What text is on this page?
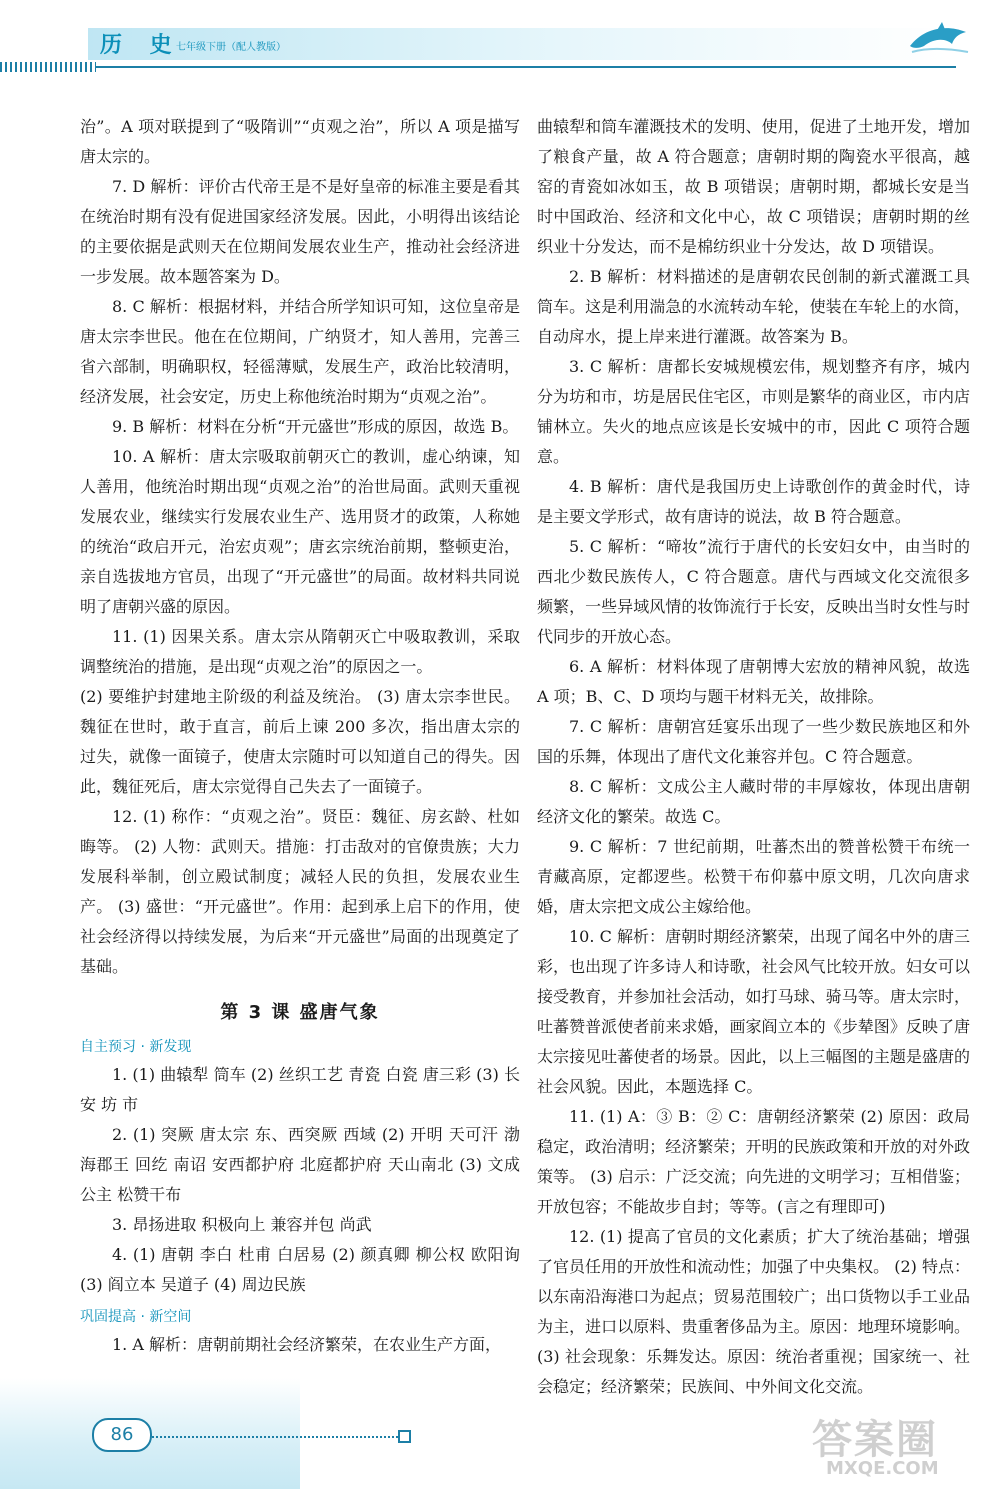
历 史
七年级下册（配人教版）

治”。A 项对联提到了“吸隋训”“贞观之治”，所以 A 项是描写唐太宗的。

7. D 解析：评价古代帝王是不是好皇帝的标准主要是看其在统治时期有没有促进国家经济发展。因此，小明得出该结论的主要依据是武则天在位期间发展农业生产，推动社会经济进一步发展。故本题答案为 D。

8. C 解析：根据材料，并结合所学知识可知，这位皇帝是唐太宗李世民。他在在位期间，广纳贤才，知人善用，完善三省六部制，明确职权，轻徭薄赋，发展生产，政治比较清明，经济发展，社会安定，历史上称他统治时期为“贞观之治”。

9. B 解析：材料在分析“开元盛世”形成的原因，故选 B。

10. A 解析：唐太宗吸取前朝灭亡的教训，虚心纳谏，知人善用，他统治时期出现“贞观之治”的治世局面。武则天重视发展农业，继续实行发展农业生产、选用贤才的政策，人称她的统治“政启开元，治宏贞观”；唐玄宗统治前期，整顿吏治，亲自选拔地方官员，出现了“开元盛世”的局面。故材料共同说明了唐朝兴盛的原因。

11. (1) 因果关系。唐太宗从隋朝灭亡中吸取教训，采取调整统治的措施，是出现“贞观之治”的原因之一。

(2) 要维护封建地主阶级的利益及统治。 (3) 唐太宗李世民。魏征在世时，敢于直言，前后上谏 200 多次，指出唐太宗的过失，就像一面镜子，使唐太宗随时可以知道自己的得失。因此，魏征死后，唐太宗觉得自己失去了一面镜子。

12. (1) 称作：“贞观之治”。贤臣：魏征、房玄龄、杜如晦等。 (2) 人物：武则天。措施：打击敌对的官僚贵族；大力发展科举制，创立殿试制度；减轻人民的负担，发展农业生产。 (3) 盛世：“开元盛世”。作用：起到承上启下的作用，使社会经济得以持续发展，为后来“开元盛世”局面的出现奠定了基础。

第 3 课 盛唐气象
自主预习 · 新发现

1. (1) 曲辕犁 筒车 (2) 丝织工艺 青瓷 白瓷 唐三彩 (3) 长安 坊 市

2. (1) 突厥 唐太宗 东、西突厥 西域 (2) 开明 天可汗 渤海郡王 回纥 南诏 安西都护府 北庭都护府 天山南北 (3) 文成公主 松赞干布

3. 昂扬进取 积极向上 兼容并包 尚武

4. (1) 唐朝 李白 杜甫 白居易 (2) 颜真卿 柳公权 欧阳询 (3) 阎立本 吴道子 (4) 周边民族

巩固提高 · 新空间

1. A 解析：唐朝前期社会经济繁荣，在农业生产方面，

曲辕犁和筒车灌溉技术的发明、使用，促进了土地开发，增加了粮食产量，故 A 符合题意；唐朝时期的陶瓷水平很高，越窑的青瓷如冰如玉，故 B 项错误；唐朝时期，都城长安是当时中国政治、经济和文化中心，故 C 项错误；唐朝时期的丝织业十分发达，而不是棉纺织业十分发达，故 D 项错误。

2. B 解析：材料描述的是唐朝农民创制的新式灌溉工具筒车。这是利用湍急的水流转动车轮，使装在车轮上的水筒，自动戽水，提上岸来进行灌溉。故答案为 B。

3. C 解析：唐都长安城规模宏伟，规划整齐有序，城内分为坊和市，坊是居民住宅区，市则是繁华的商业区，市内店铺林立。失火的地点应该是长安城中的市，因此 C 项符合题意。

4. B 解析：唐代是我国历史上诗歌创作的黄金时代，诗是主要文学形式，故有唐诗的说法，故 B 符合题意。

5. C 解析：“啼妆”流行于唐代的长安妇女中，由当时的西北少数民族传人，C 符合题意。唐代与西域文化交流很多频繁，一些异域风情的妆饰流行于长安，反映出当时女性与时代同步的开放心态。

6. A 解析：材料体现了唐朝博大宏放的精神风貌，故选 A 项；B、C、D 项均与题干材料无关，故排除。

7. C 解析：唐朝宫廷宴乐出现了一些少数民族地区和外国的乐舞，体现出了唐代文化兼容并包。C 符合题意。

8. C 解析：文成公主人藏时带的丰厚嫁妆，体现出唐朝经济文化的繁荣。故选 C。

9. C 解析：7 世纪前期，吐蕃杰出的赞普松赞干布统一青藏高原，定都逻些。松赞干布仰慕中原文明，几次向唐求婚，唐太宗把文成公主嫁给他。

10. C 解析：唐朝时期经济繁荣，出现了闻名中外的唐三彩，也出现了许多诗人和诗歌，社会风气比较开放。妇女可以接受教育，并参加社会活动，如打马球、骑马等。唐太宗时，吐蕃赞普派使者前来求婚，画家阎立本的《步辇图》反映了唐太宗接见吐蕃使者的场景。因此，以上三幅图的主题是盛唐的社会风貌。因此，本题选择 C。

11. (1) A：③ B：② C：唐朝经济繁荣 (2) 原因：政局稳定，政治清明；经济繁荣；开明的民族政策和开放的对外政策等。 (3) 启示：广泛交流；向先进的文明学习；互相借鉴；开放包容；不能故步自封；等等。(言之有理即可)

12. (1) 提高了官员的文化素质；扩大了统治基础；增强了官员任用的开放性和流动性；加强了中央集权。 (2) 特点：以东南沿海港口为起点；贸易范围较广；出口货物以手工业品为主，进口以原料、贵重奢侈品为主。原因：地理环境影响。 (3) 社会现象：乐舞发达。原因：统治者重视；国家统一、社会稳定；经济繁荣；民族间、中外间文化交流。

86	答案圈
MXQE.COM
